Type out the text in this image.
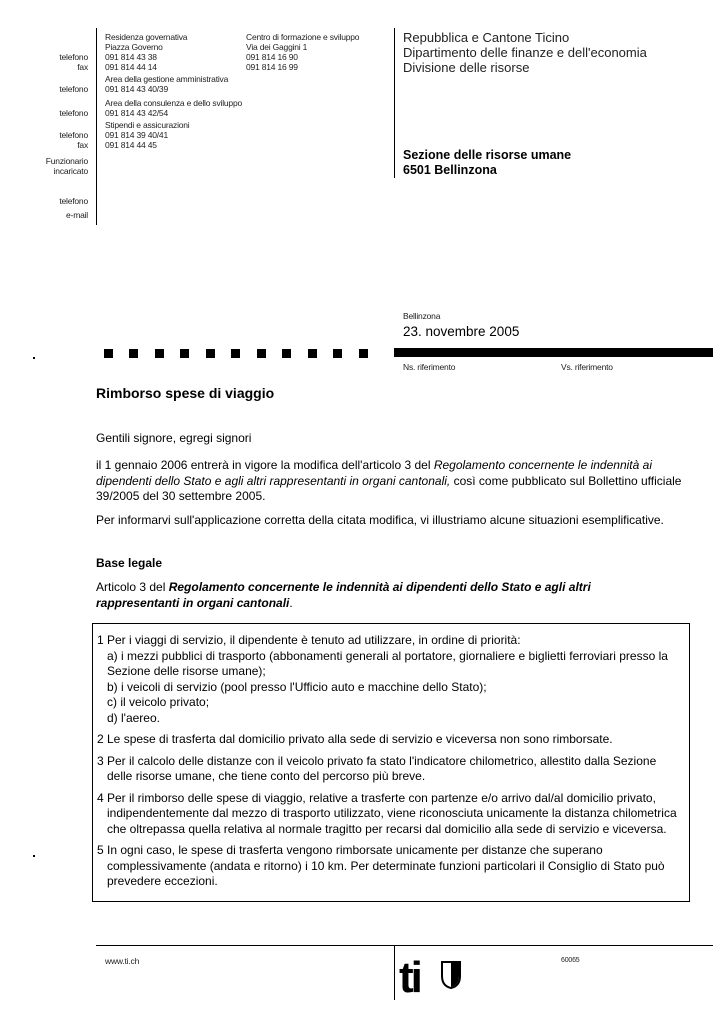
telefono
fax
telefono
telefono
telefono
fax
Funzionario
incaricato
telefono
e-mail
Residenza governativa
Piazza Governo
091 814 43 38
091 814 44 14
Area della gestione amministrativa
091 814 43 40/39
Area della consulenza e dello sviluppo
091 814 43 42/54
Stipendi e assicurazioni
091 814 39 40/41
091 814 44 45
Centro di formazione e sviluppo
Via dei Gaggini 1
091 814 16 90
091 814 16 99
Repubblica e Cantone Ticino
Dipartimento delle finanze e dell'economia
Divisione delle risorse
Sezione delle risorse umane
6501 Bellinzona
Bellinzona
23. novembre 2005
Ns. riferimento	Vs. riferimento
Rimborso spese di viaggio
Gentili signore, egregi signori
il 1 gennaio 2006 entrerà in vigore la modifica dell'articolo 3 del Regolamento concernente le indennità ai dipendenti dello Stato e agli altri rappresentanti in organi cantonali, così come pubblicato sul Bollettino ufficiale 39/2005 del 30 settembre 2005.
Per informarvi sull'applicazione corretta della citata modifica, vi illustriamo alcune situazioni esemplificative.
Base legale
Articolo 3 del Regolamento concernente le indennità ai dipendenti dello Stato e agli altri rappresentanti in organi cantonali.

1 Per i viaggi di servizio, il dipendente è tenuto ad utilizzare, in ordine di priorità:

a) i mezzi pubblici di trasporto (abbonamenti generali al portatore, giornaliere e biglietti ferroviari presso la Sezione delle risorse umane);

b) i veicoli di servizio (pool presso l'Ufficio auto e macchine dello Stato);

c) il veicolo privato;

d) l'aereo.

2 Le spese di trasferta dal domicilio privato alla sede di servizio e viceversa non sono rimborsate.

3 Per il calcolo delle distanze con il veicolo privato fa stato l'indicatore chilometrico, allestito dalla Sezione

delle risorse umane, che tiene conto del percorso più breve.

4 Per il rimborso delle spese di viaggio, relative a trasferte con partenze e/o arrivo dal/al domicilio privato,

indipendentemente dal mezzo di trasporto utilizzato, viene riconosciuta unicamente la distanza chilometrica che oltrepassa quella relativa al normale tragitto per recarsi dal domicilio alla sede di servizio e viceversa.

5 In ogni caso, le spese di trasferta vengono rimborsate unicamente per distanze che superano

complessivamente (andata e ritorno) i 10 km. Per determinate funzioni particolari il Consiglio di Stato può prevedere eccezioni.

www.ti.ch	60065
ti
